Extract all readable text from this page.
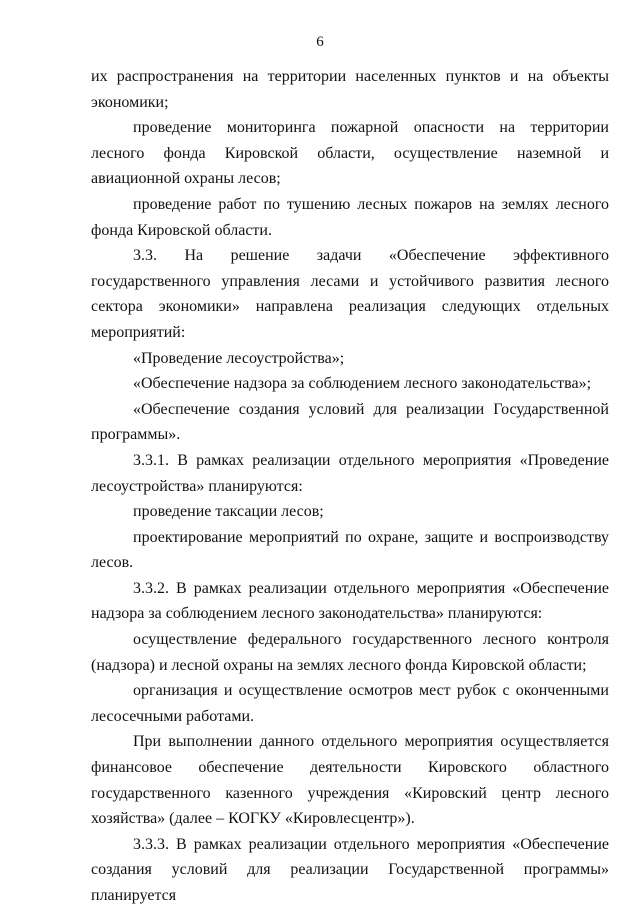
6

их распространения на территории населенных пунктов и на объекты экономики;

проведение мониторинга пожарной опасности на территории лесного фонда Кировской области, осуществление наземной и авиационной охраны лесов;

проведение работ по тушению лесных пожаров на землях лесного фонда Кировской области.

3.3. На решение задачи «Обеспечение эффективного государственного управления лесами и устойчивого развития лесного сектора экономики» направлена реализация следующих отдельных мероприятий:

«Проведение лесоустройства»;

«Обеспечение надзора за соблюдением лесного законодательства»;

«Обеспечение создания условий для реализации Государственной программы».

3.3.1. В рамках реализации отдельного мероприятия «Проведение лесоустройства» планируются:

проведение таксации лесов;

проектирование мероприятий по охране, защите и воспроизводству лесов.

3.3.2. В рамках реализации отдельного мероприятия «Обеспечение надзора за соблюдением лесного законодательства» планируются:

осуществление федерального государственного лесного контроля (надзора) и лесной охраны на землях лесного фонда Кировской области;

организация и осуществление осмотров мест рубок с оконченными лесосечными работами.

При выполнении данного отдельного мероприятия осуществляется финансовое обеспечение деятельности Кировского областного государственного казенного учреждения «Кировский центр лесного хозяйства» (далее – КОГКУ «Кировлесцентр»).

3.3.3. В рамках реализации отдельного мероприятия «Обеспечение создания условий для реализации Государственной программы» планируется
